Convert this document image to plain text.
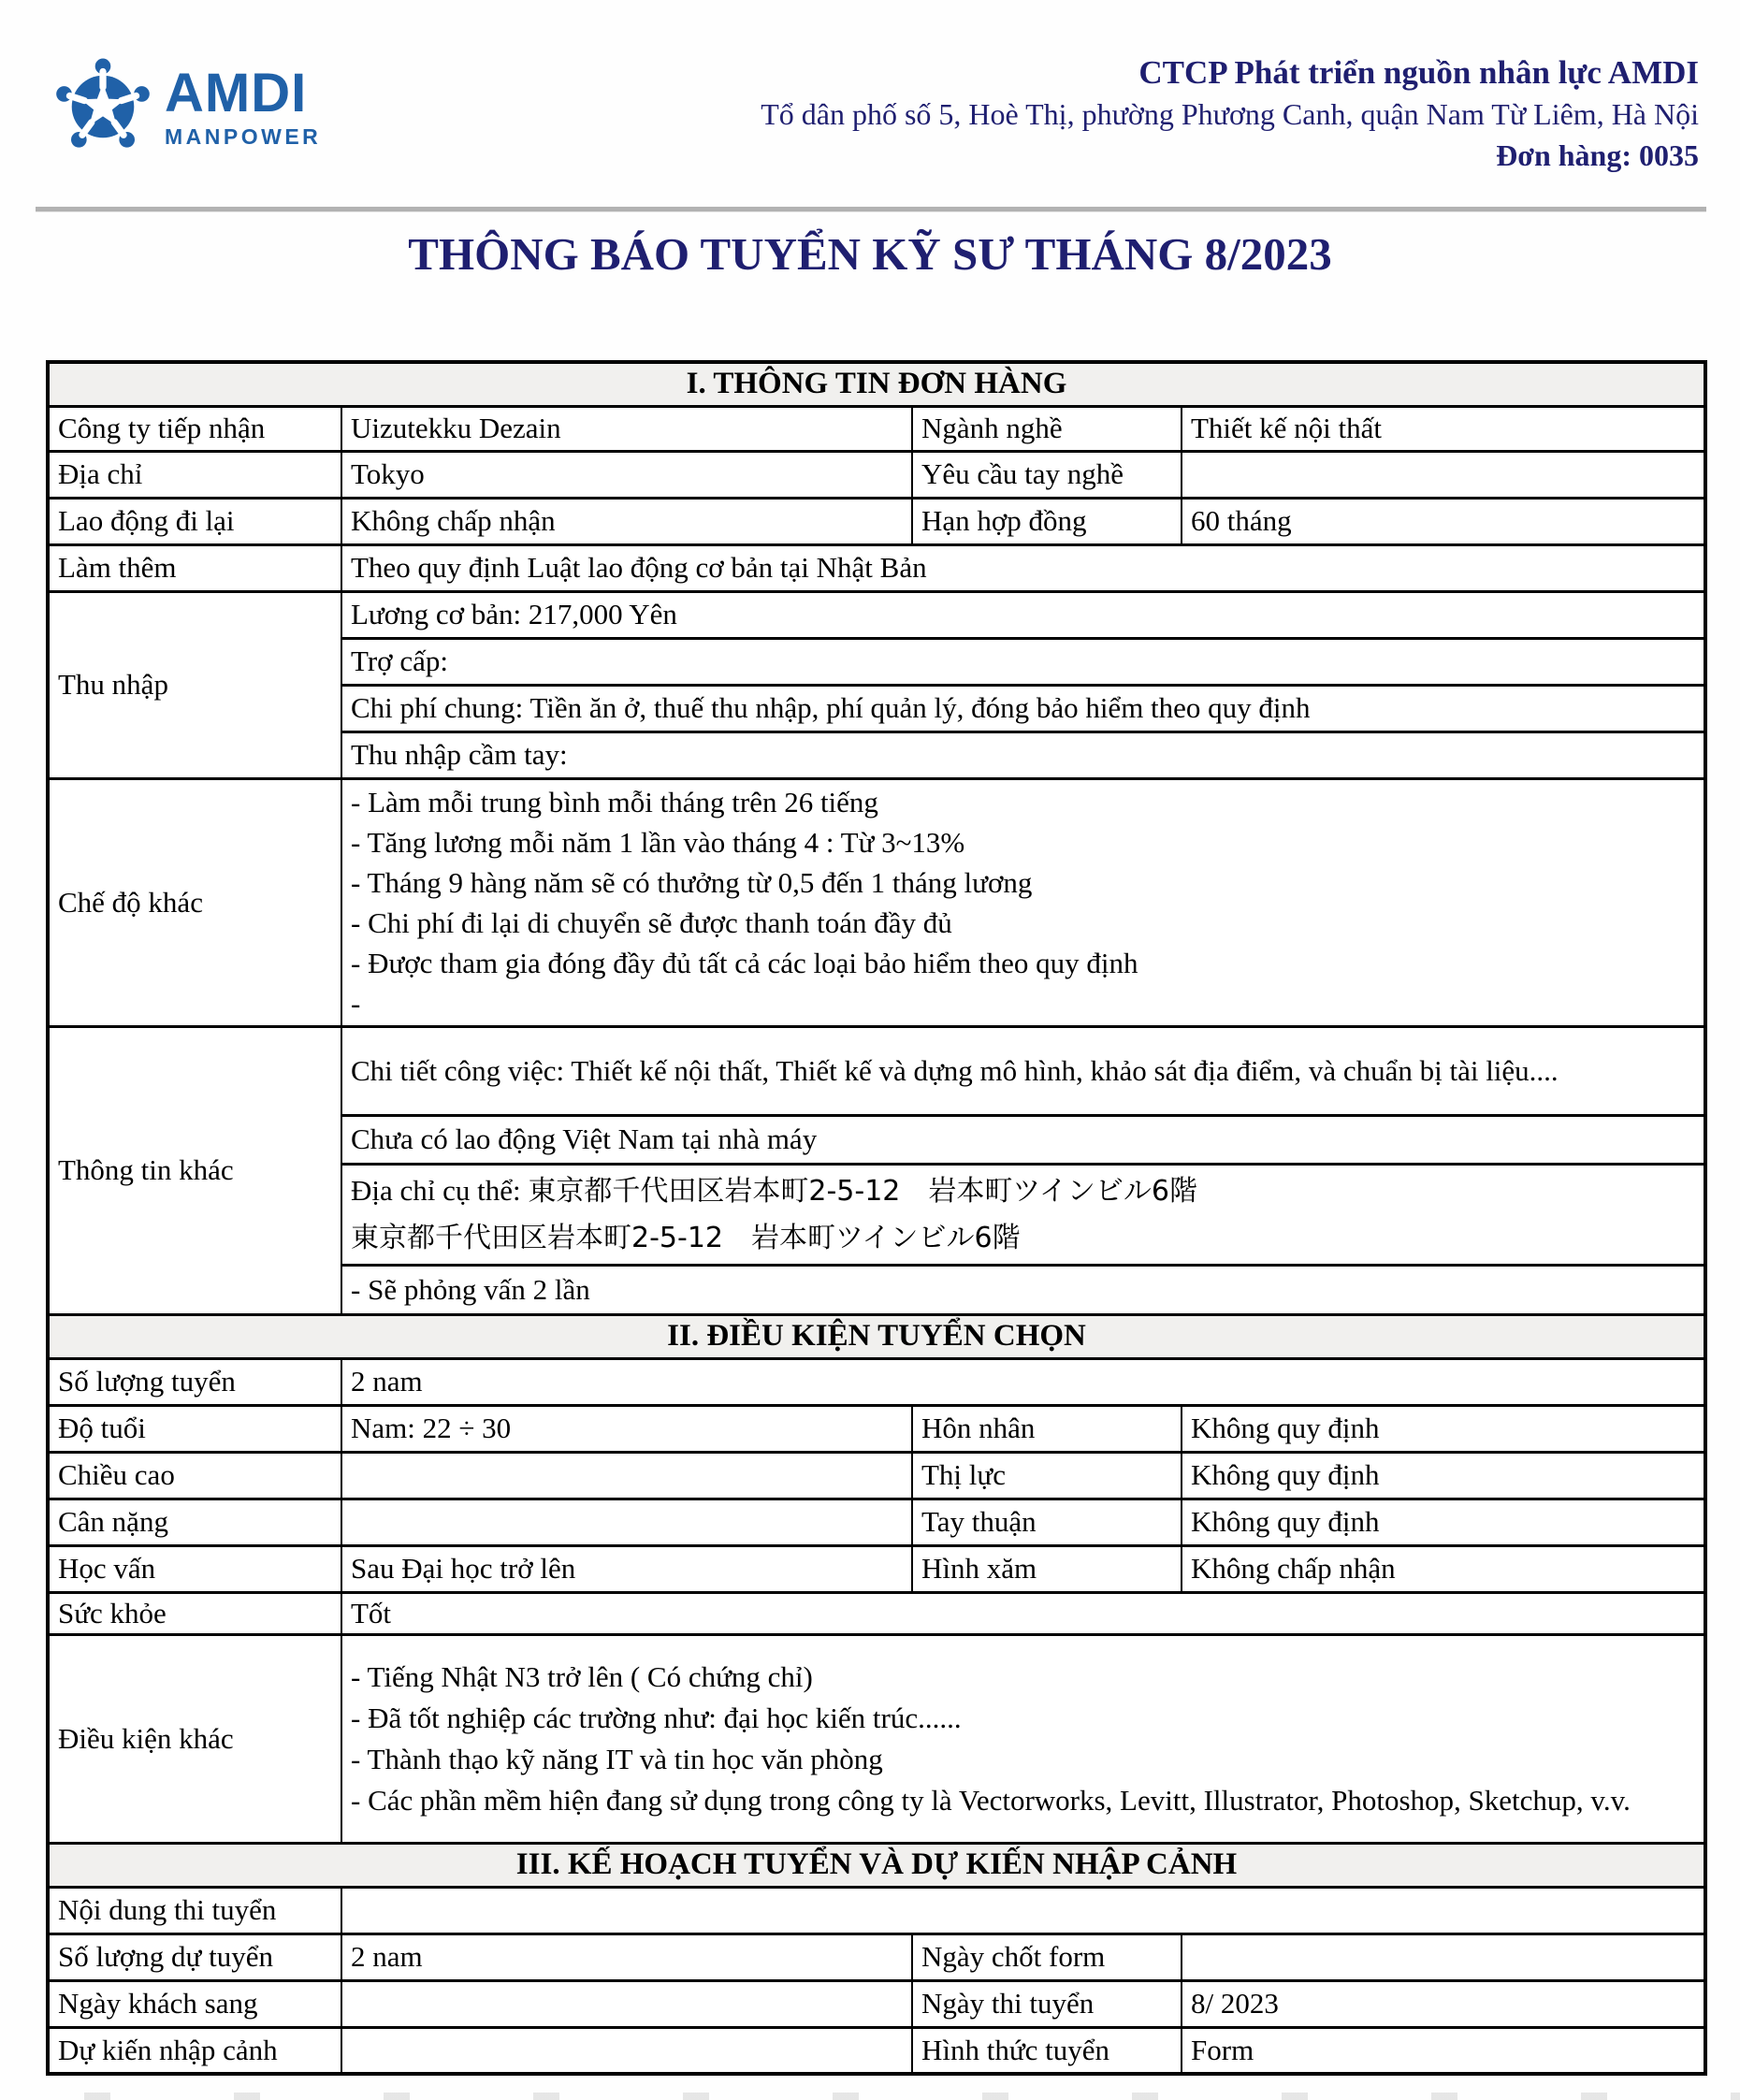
AMDI
MANPOWER
CTCP Phát triển nguồn nhân lực AMDI
Tổ dân phố số 5, Hoè Thị, phường Phương Canh, quận Nam Từ Liêm, Hà Nội
Đơn hàng: 0035
THÔNG BÁO TUYỂN KỸ SƯ THÁNG 8/2023
I. THÔNG TIN ĐƠN HÀNG			
Công ty tiếp nhận	Uizutekku Dezain	Ngành nghề	Thiết kế nội thất
Địa chỉ	Tokyo	Yêu cầu tay nghề	
Lao động đi lại	Không chấp nhận	Hạn hợp đồng	60 tháng
Làm thêm	Theo quy định Luật lao động cơ bản tại Nhật Bản		
Thu nhập	Lương cơ bản: 217,000 Yên		
	Trợ cấp:		
	Chi phí chung: Tiền ăn ở, thuế thu nhập, phí quản lý, đóng bảo hiểm theo quy định		
	Thu nhập cầm tay:		
Chế độ khác	
- Làm mỗi trung bình mỗi tháng trên 26 tiếng
- Tăng lương mỗi năm 1 lần vào tháng 4 : Từ 3~13%
- Tháng 9 hàng năm sẽ có thưởng từ 0,5 đến 1 tháng lương
- Chi phí đi lại di chuyển sẽ được thanh toán đầy đủ
- Được tham gia đóng đầy đủ tất cả các loại bảo hiểm theo quy định
-

Thông tin khác	Chi tiết công việc: Thiết kế nội thất, Thiết kế và dựng mô hình, khảo sát địa điểm, và chuẩn bị tài liệu....		
	Chưa có lao động Việt Nam tại nhà máy		

	Địa chỉ cụ thể: 東京都千代田区岩本町2-5-12　岩本町ツインビル6階
東京都千代田区岩本町2-5-12　岩本町ツインビル6階		

	- Sẽ phỏng vấn 2 lần		
II. ĐIỀU KIỆN TUYỂN CHỌN			
Số lượng tuyển	2 nam		
Độ tuổi	Nam: 22 ÷ 30	Hôn nhân	Không quy định
Chiều cao		Thị lực	Không quy định
Cân nặng		Tay thuận	Không quy định
Học vấn	Sau Đại học trở lên	Hình xăm	Không chấp nhận
Sức khỏe	Tốt		
Điều kiện khác	- Tiếng Nhật N3 trở lên ( Có chứng chỉ)
- Đã tốt nghiệp các trường như: đại học kiến trúc......
- Thành thạo kỹ năng IT và tin học văn phòng
- Các phần mềm hiện đang sử dụng trong công ty là Vectorworks, Levitt, Illustrator, Photoshop, Sketchup, v.v.		

III. KẾ HOẠCH TUYỂN VÀ DỰ KIẾN NHẬP CẢNH			
Nội dung thi tuyển			
Số lượng dự tuyển	2 nam	Ngày chốt form	
Ngày khách sang		Ngày thi tuyển	8/ 2023
Dự kiến nhập cảnh		Hình thức tuyển	Form
